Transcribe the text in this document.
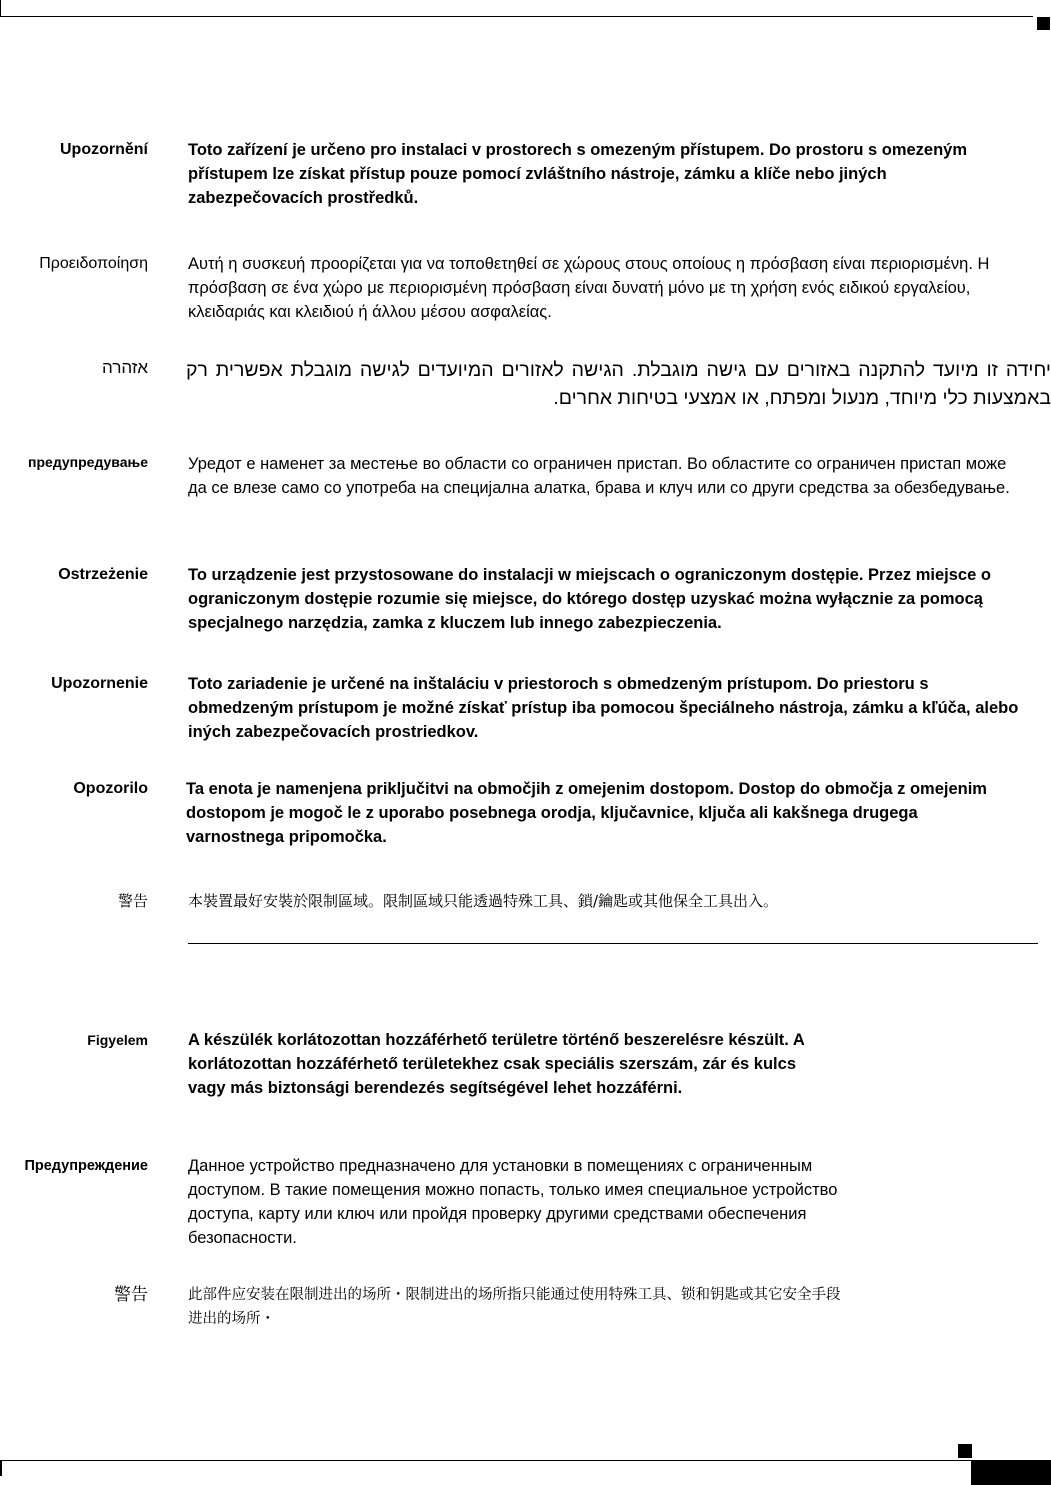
Upozornění Toto zařízení je určeno pro instalaci v prostorech s omezeným přístupem. Do prostoru s omezeným přístupem lze získat přístup pouze pomocí zvláštního nástroje, zámku a klíče nebo jiných zabezpečovacích prostředků.
Προειδοποίηση Αυτή η συσκευή προορίζεται για να τοποθετηθεί σε χώρους στους οποίους η πρόσβαση είναι περιορισμένη. Η πρόσβαση σε ένα χώρο με περιορισμένη πρόσβαση είναι δυνατή μόνο με τη χρήση ενός ειδικού εργαλείου, κλειδαριάς και κλειδιού ή άλλου μέσου ασφαλείας.
אזהרה יחידה זו מיועד להתקנה באזורים עם גישה מוגבלת. הגישה לאזורים המיועדים לגישה מוגבלת אפשרית רק באמצעות כלי מיוחד, מנעול ומפתח, או אמצעי בטיחות אחרים.
предупредување Уредот е наменет за местење во области со ограничен пристап. Во областите со ограничен пристап може да се влезе само со употреба на специјална алатка, брава и клуч или со други средства за обезбедување.
Ostrzeżenie To urządzenie jest przystosowane do instalacji w miejscach o ograniczonym dostępie. Przez miejsce o ograniczonym dostępie rozumie się miejsce, do którego dostęp uzyskać można wyłącznie za pomocą specjalnego narzędzia, zamka z kluczem lub innego zabezpieczenia.
Upozornenie Toto zariadenie je určené na inštaláciu v priestoroch s obmedzeným prístupom. Do priestoru s obmedzeným prístupom je možné získať prístup iba pomocou špeciálneho nástroja, zámku a kľúča, alebo iných zabezpečovacích prostriedkov.
Opozorilo Ta enota je namenjena priključitvi na območjih z omejenim dostopom. Dostop do območja z omejenim dostopom je mogoč le z uporabo posebnega orodja, ključavnice, ključa ali kakšnega drugega varnostnega pripomočka.
警告	本裝置最好安裝於限制區域。限制區域只能透過特殊工具、鎖/鑰匙或其他保全工具出入。
Figyelem A készülék korlátozottan hozzáférhető területre történő beszerelésre készült. A korlátozottan hozzáférhető területekhez csak speciális szerszám, zár és kulcs vagy más biztonsági berendezés segítségével lehet hozzáférni.
Предупреждение Данное устройство предназначено для установки в помещениях с ограниченным доступом. В такие помещения можно попасть, только имея специальное устройство доступа, карту или ключ или пройдя проверку другими средствами обеспечения безопасности.
警告	此部件应安装在限制进出的场所・限制进出的场所指只能通过使用特殊工具、锁和钥匙或其它安全手段进出的场所・
